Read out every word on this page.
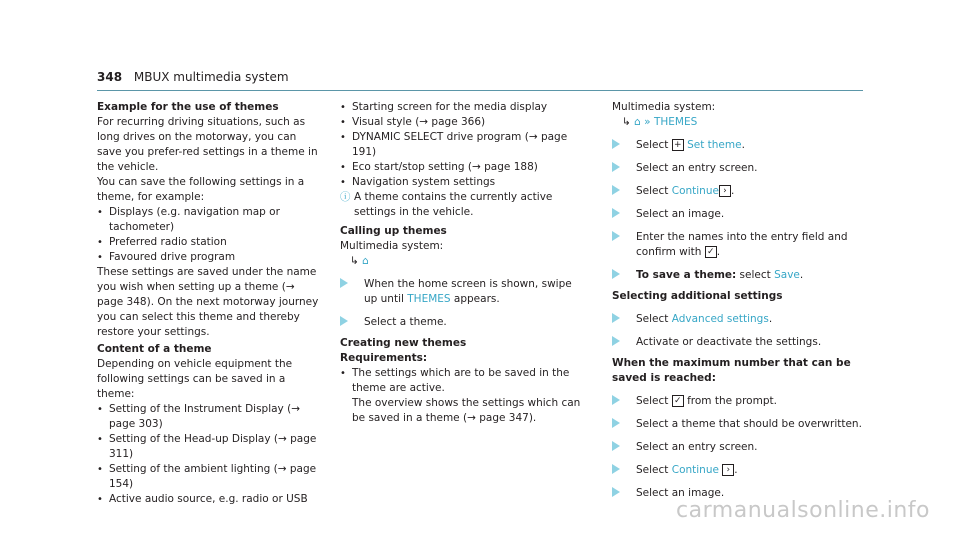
348 MBUX multimedia system

Example for the use of themes

For recurring driving situations, such as long drives on the motorway, you can save you prefer-red settings in a theme in the vehicle.

You can save the following settings in a theme, for example:

• Displays (e.g. navigation map or tachometer)
• Preferred radio station
• Favoured drive program

These settings are saved under the name you wish when setting up a theme (→ page 348). On the next motorway journey you can select this theme and thereby restore your settings.

Content of a theme

Depending on vehicle equipment the following settings can be saved in a theme:

• Setting of the Instrument Display (→ page 303)
• Setting of the Head-up Display (→ page 311)
• Setting of the ambient lighting (→ page 154)
• Active audio source, e.g. radio or USB
• Starting screen for the media display
• Visual style (→ page 366)
• DYNAMIC SELECT drive program (→ page 191)
• Eco start/stop setting (→ page 188)
• Navigation system settings
ⓘ A theme contains the currently active settings in the vehicle.

Calling up themes

Multimedia system:

↳ ⌂

When the home screen is shown, swipe up until THEMES appears.
Select a theme.

Creating new themes

Requirements:

• The settings which are to be saved in the theme are active.

The overview shows the settings which can be saved in a theme (→ page 347).

Multimedia system:

↳ ⌂ » THEMES

Select + Set theme.
Select an entry screen.
Select Continue › .
Select an image.
Enter the names into the entry field and confirm with ✓ .
To save a theme: select Save.

Selecting additional settings

Select Advanced settings.
Activate or deactivate the settings.

When the maximum number that can be saved is reached:

Select ✓ from the prompt.
Select a theme that should be overwritten.
Select an entry screen.
Select Continue › .
Select an image.
carmanualsonline.info
